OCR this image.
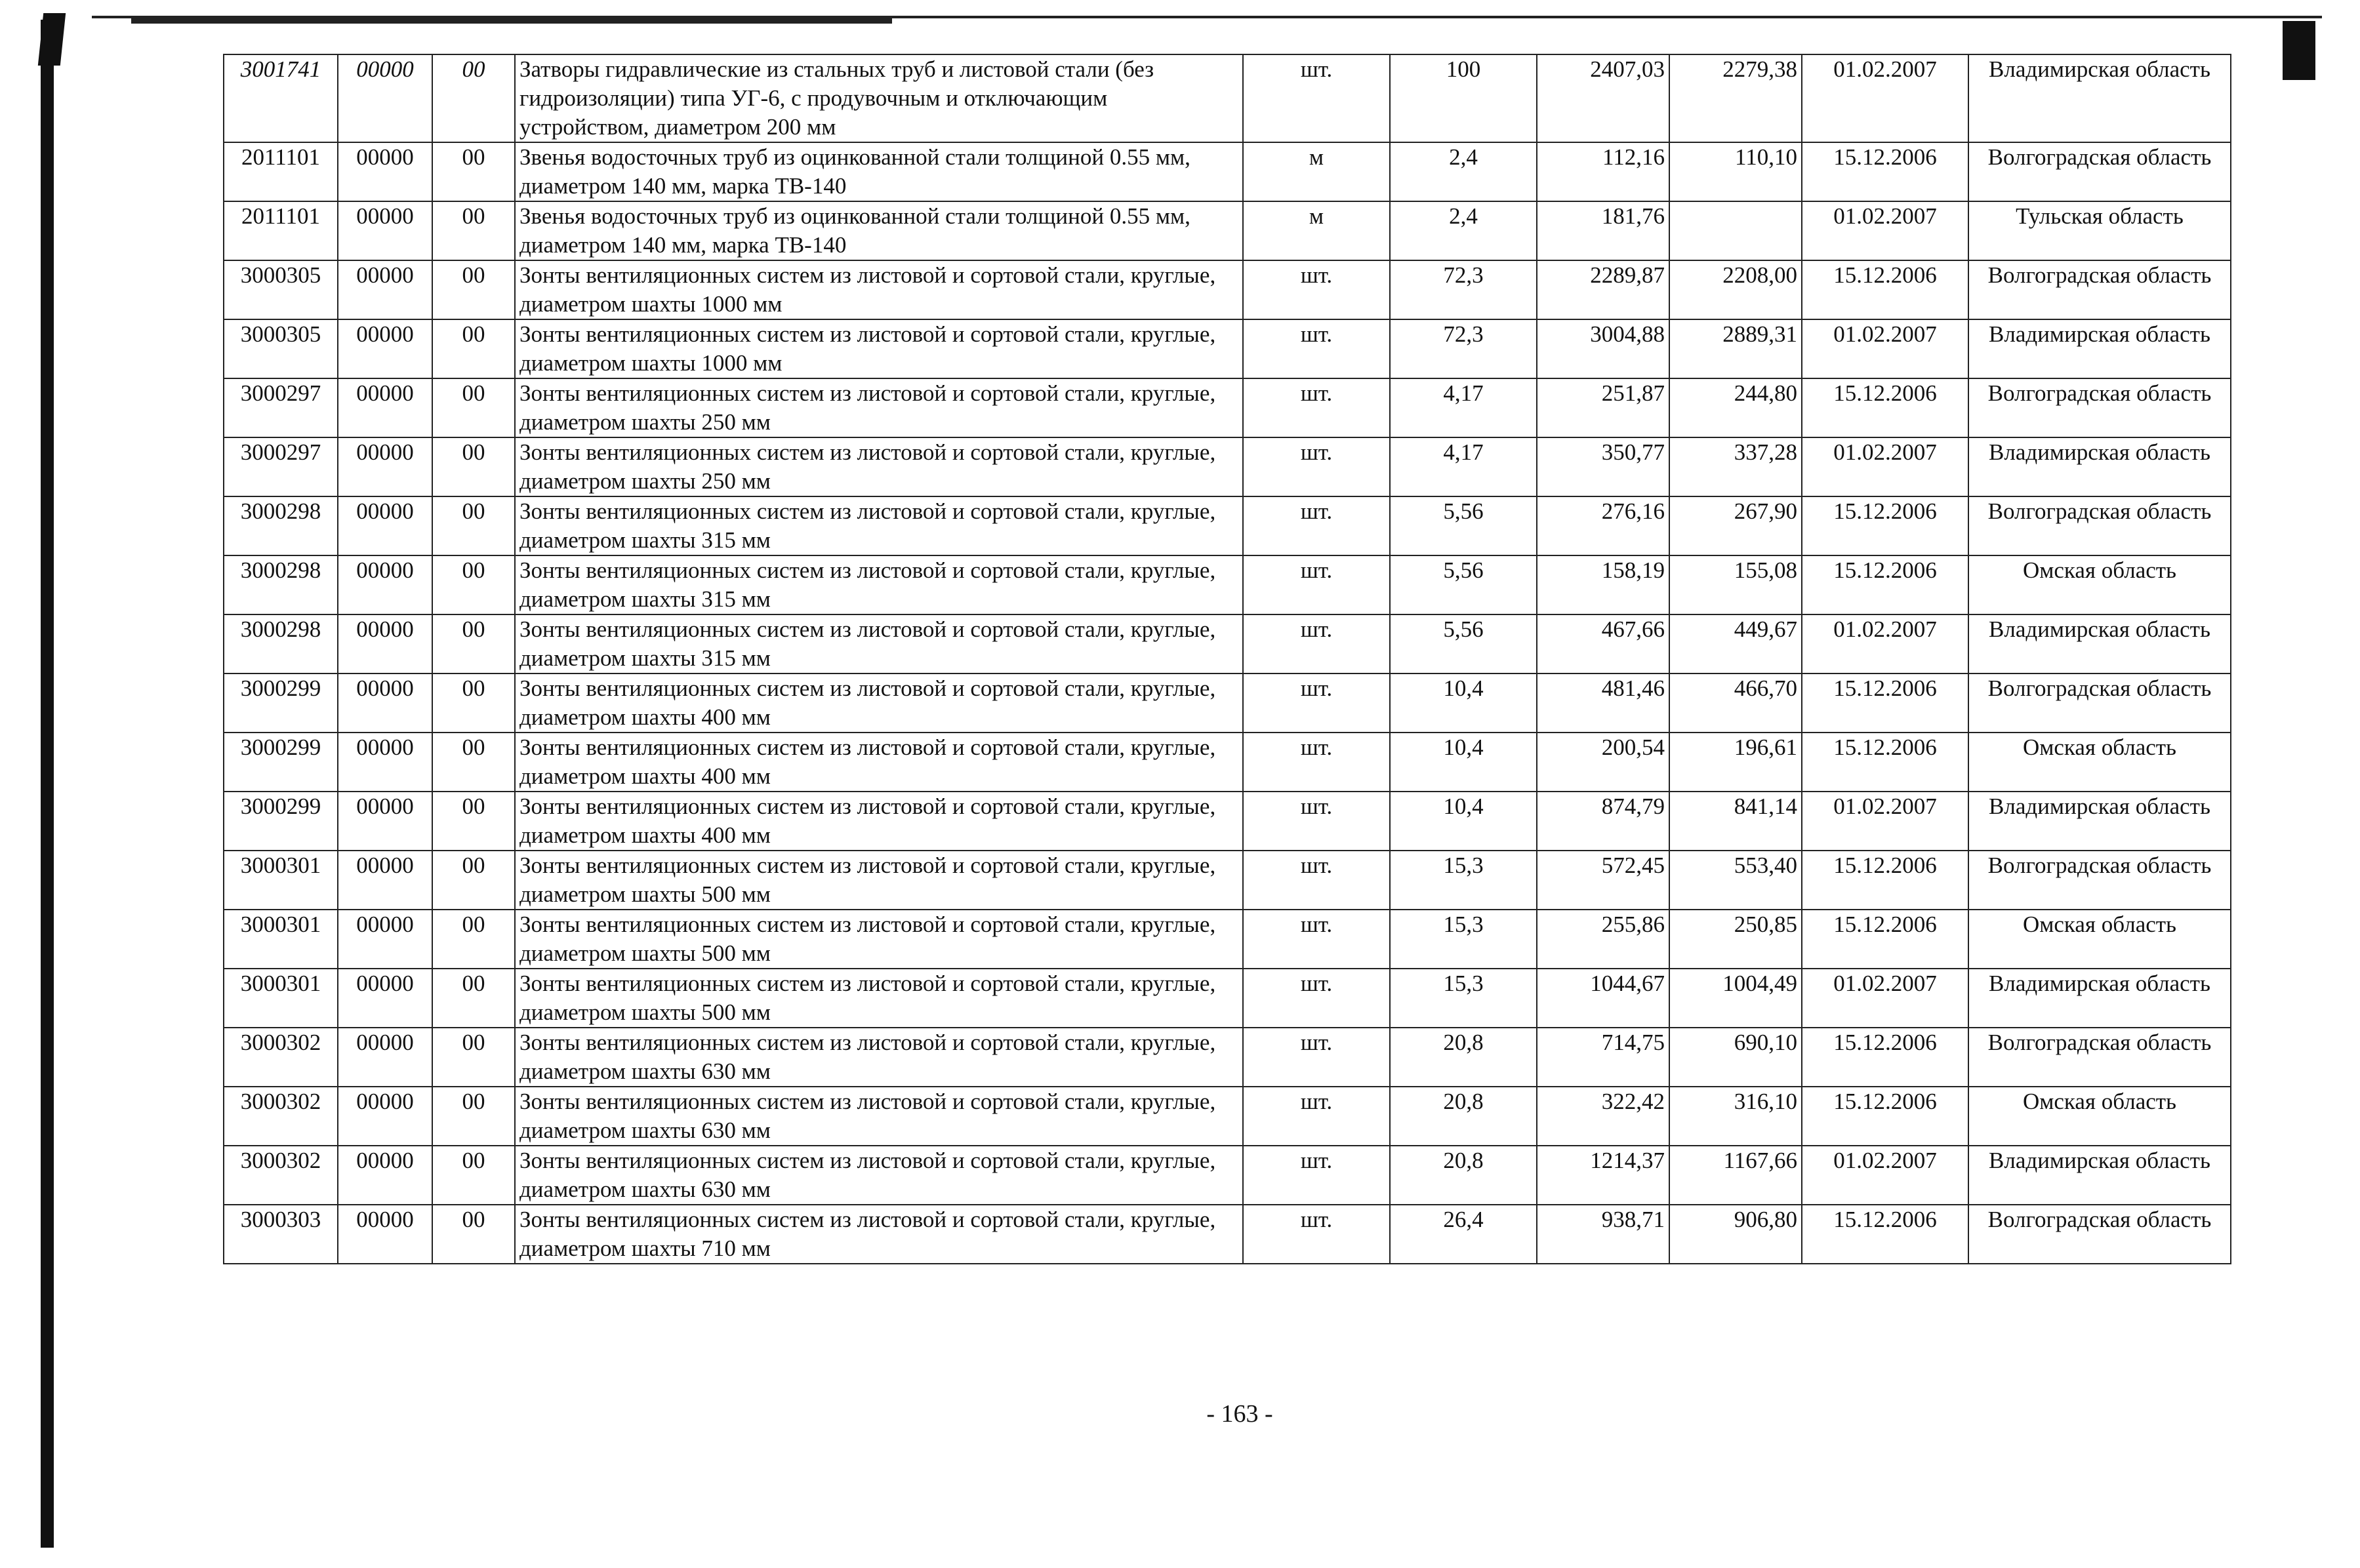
3001741	00000	00	Затворы гидравлические из стальных труб и листовой стали (без гидроизоляции) типа УГ-6, с продувочным и отключающим устройством, диаметром 200 мм	шт.	100	2407,03	2279,38	01.02.2007	Владимирская область
2011101	00000	00	Звенья водосточных труб из оцинкованной стали толщиной 0.55 мм, диаметром 140 мм, марка ТВ-140	м	2,4	112,16	110,10	15.12.2006	Волгоградская область
2011101	00000	00	Звенья водосточных труб из оцинкованной стали толщиной 0.55 мм, диаметром 140 мм, марка ТВ-140	м	2,4	181,76		01.02.2007	Тульская область
3000305	00000	00	Зонты вентиляционных систем из листовой и сортовой стали, круглые, диаметром шахты 1000 мм	шт.	72,3	2289,87	2208,00	15.12.2006	Волгоградская область
3000305	00000	00	Зонты вентиляционных систем из листовой и сортовой стали, круглые, диаметром шахты 1000 мм	шт.	72,3	3004,88	2889,31	01.02.2007	Владимирская область
3000297	00000	00	Зонты вентиляционных систем из листовой и сортовой стали, круглые, диаметром шахты 250 мм	шт.	4,17	251,87	244,80	15.12.2006	Волгоградская область
3000297	00000	00	Зонты вентиляционных систем из листовой и сортовой стали, круглые, диаметром шахты 250 мм	шт.	4,17	350,77	337,28	01.02.2007	Владимирская область
3000298	00000	00	Зонты вентиляционных систем из листовой и сортовой стали, круглые, диаметром шахты 315 мм	шт.	5,56	276,16	267,90	15.12.2006	Волгоградская область
3000298	00000	00	Зонты вентиляционных систем из листовой и сортовой стали, круглые, диаметром шахты 315 мм	шт.	5,56	158,19	155,08	15.12.2006	Омская область
3000298	00000	00	Зонты вентиляционных систем из листовой и сортовой стали, круглые, диаметром шахты 315 мм	шт.	5,56	467,66	449,67	01.02.2007	Владимирская область
3000299	00000	00	Зонты вентиляционных систем из листовой и сортовой стали, круглые, диаметром шахты 400 мм	шт.	10,4	481,46	466,70	15.12.2006	Волгоградская область
3000299	00000	00	Зонты вентиляционных систем из листовой и сортовой стали, круглые, диаметром шахты 400 мм	шт.	10,4	200,54	196,61	15.12.2006	Омская область
3000299	00000	00	Зонты вентиляционных систем из листовой и сортовой стали, круглые, диаметром шахты 400 мм	шт.	10,4	874,79	841,14	01.02.2007	Владимирская область
3000301	00000	00	Зонты вентиляционных систем из листовой и сортовой стали, круглые, диаметром шахты 500 мм	шт.	15,3	572,45	553,40	15.12.2006	Волгоградская область
3000301	00000	00	Зонты вентиляционных систем из листовой и сортовой стали, круглые, диаметром шахты 500 мм	шт.	15,3	255,86	250,85	15.12.2006	Омская область
3000301	00000	00	Зонты вентиляционных систем из листовой и сортовой стали, круглые, диаметром шахты 500 мм	шт.	15,3	1044,67	1004,49	01.02.2007	Владимирская область
3000302	00000	00	Зонты вентиляционных систем из листовой и сортовой стали, круглые, диаметром шахты 630 мм	шт.	20,8	714,75	690,10	15.12.2006	Волгоградская область
3000302	00000	00	Зонты вентиляционных систем из листовой и сортовой стали, круглые, диаметром шахты 630 мм	шт.	20,8	322,42	316,10	15.12.2006	Омская область
3000302	00000	00	Зонты вентиляционных систем из листовой и сортовой стали, круглые, диаметром шахты 630 мм	шт.	20,8	1214,37	1167,66	01.02.2007	Владимирская область
3000303	00000	00	Зонты вентиляционных систем из листовой и сортовой стали, круглые, диаметром шахты 710 мм	шт.	26,4	938,71	906,80	15.12.2006	Волгоградская область
- 163 -
